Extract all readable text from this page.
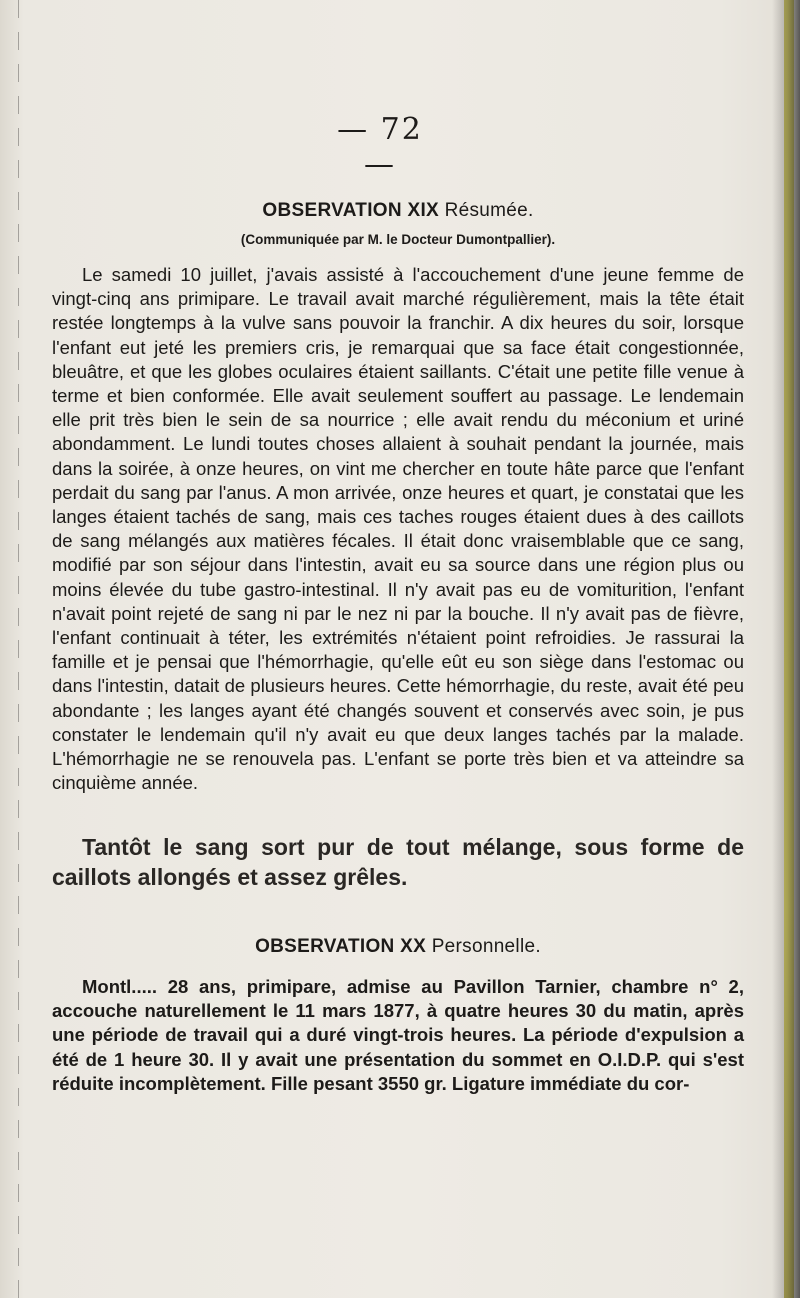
— 72 —
OBSERVATION XIX Résumée.
(Communiquée par M. le Docteur Dumontpallier).

Le samedi 10 juillet, j'avais assisté à l'accouchement d'une jeune femme de vingt-cinq ans primipare. Le travail avait marché régulièrement, mais la tête était restée longtemps à la vulve sans pouvoir la franchir. A dix heures du soir, lorsque l'enfant eut jeté les premiers cris, je remarquai que sa face était congestionnée, bleuâtre, et que les globes oculaires étaient saillants. C'était une petite fille venue à terme et bien conformée. Elle avait seulement souffert au passage. Le lendemain elle prit très bien le sein de sa nourrice ; elle avait rendu du méconium et uriné abondamment. Le lundi toutes choses allaient à souhait pendant la journée, mais dans la soirée, à onze heures, on vint me chercher en toute hâte parce que l'enfant perdait du sang par l'anus. A mon arrivée, onze heures et quart, je constatai que les langes étaient tachés de sang, mais ces taches rouges étaient dues à des caillots de sang mélangés aux matières fécales. Il était donc vraisemblable que ce sang, modifié par son séjour dans l'intestin, avait eu sa source dans une région plus ou moins élevée du tube gastro-intestinal. Il n'y avait pas eu de vomiturition, l'enfant n'avait point rejeté de sang ni par le nez ni par la bouche. Il n'y avait pas de fièvre, l'enfant continuait à téter, les extrémités n'étaient point refroidies. Je rassurai la famille et je pensai que l'hémorrhagie, qu'elle eût eu son siège dans l'estomac ou dans l'intestin, datait de plusieurs heures. Cette hémorrhagie, du reste, avait été peu abondante ; les langes ayant été changés souvent et conservés avec soin, je pus constater le lendemain qu'il n'y avait eu que deux langes tachés par la malade. L'hémorrhagie ne se renouvela pas. L'enfant se porte très bien et va atteindre sa cinquième année.

Tantôt le sang sort pur de tout mélange, sous forme de caillots allongés et assez grêles.

OBSERVATION XX Personnelle.

Montl..... 28 ans, primipare, admise au Pavillon Tarnier, chambre n° 2, accouche naturellement le 11 mars 1877, à quatre heures 30 du matin, après une période de travail qui a duré vingt-trois heures. La période d'expulsion a été de 1 heure 30. Il y avait une présentation du sommet en O.I.D.P. qui s'est réduite incomplètement. Fille pesant 3550 gr. Ligature immédiate du cor-
